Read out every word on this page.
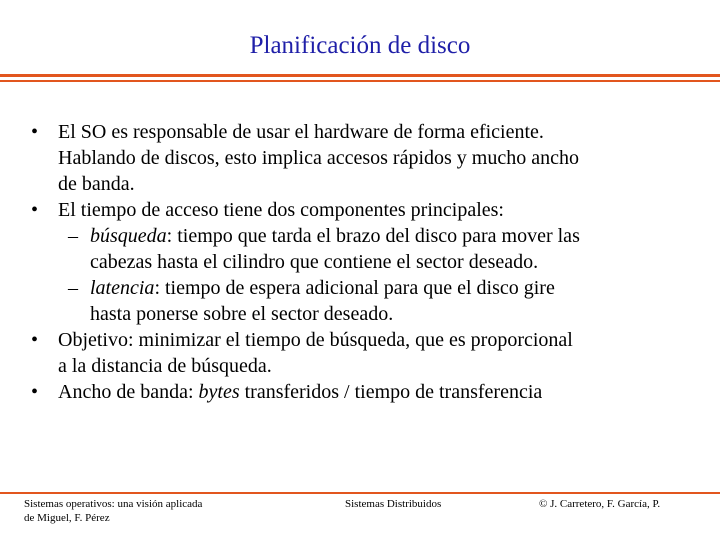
Planificación de disco
• El SO es responsable de usar el hardware de forma eficiente.
Hablando de discos, esto implica accesos rápidos y mucho ancho
de banda.
• El tiempo de acceso tiene dos componentes principales:
– búsqueda: tiempo que tarda el brazo del disco para mover las
cabezas hasta el cilindro que contiene el sector deseado.
– latencia: tiempo de espera adicional para que el disco gire
hasta ponerse sobre el sector deseado.
• Objetivo: minimizar el tiempo de búsqueda, que es proporcional
a la distancia de búsqueda.
• Ancho de banda: bytes transferidos / tiempo de transferencia
Sistemas operativos: una visión aplicada
de Miguel, F. Pérez
Sistemas Distribuidos	© J. Carretero, F. García, P.
